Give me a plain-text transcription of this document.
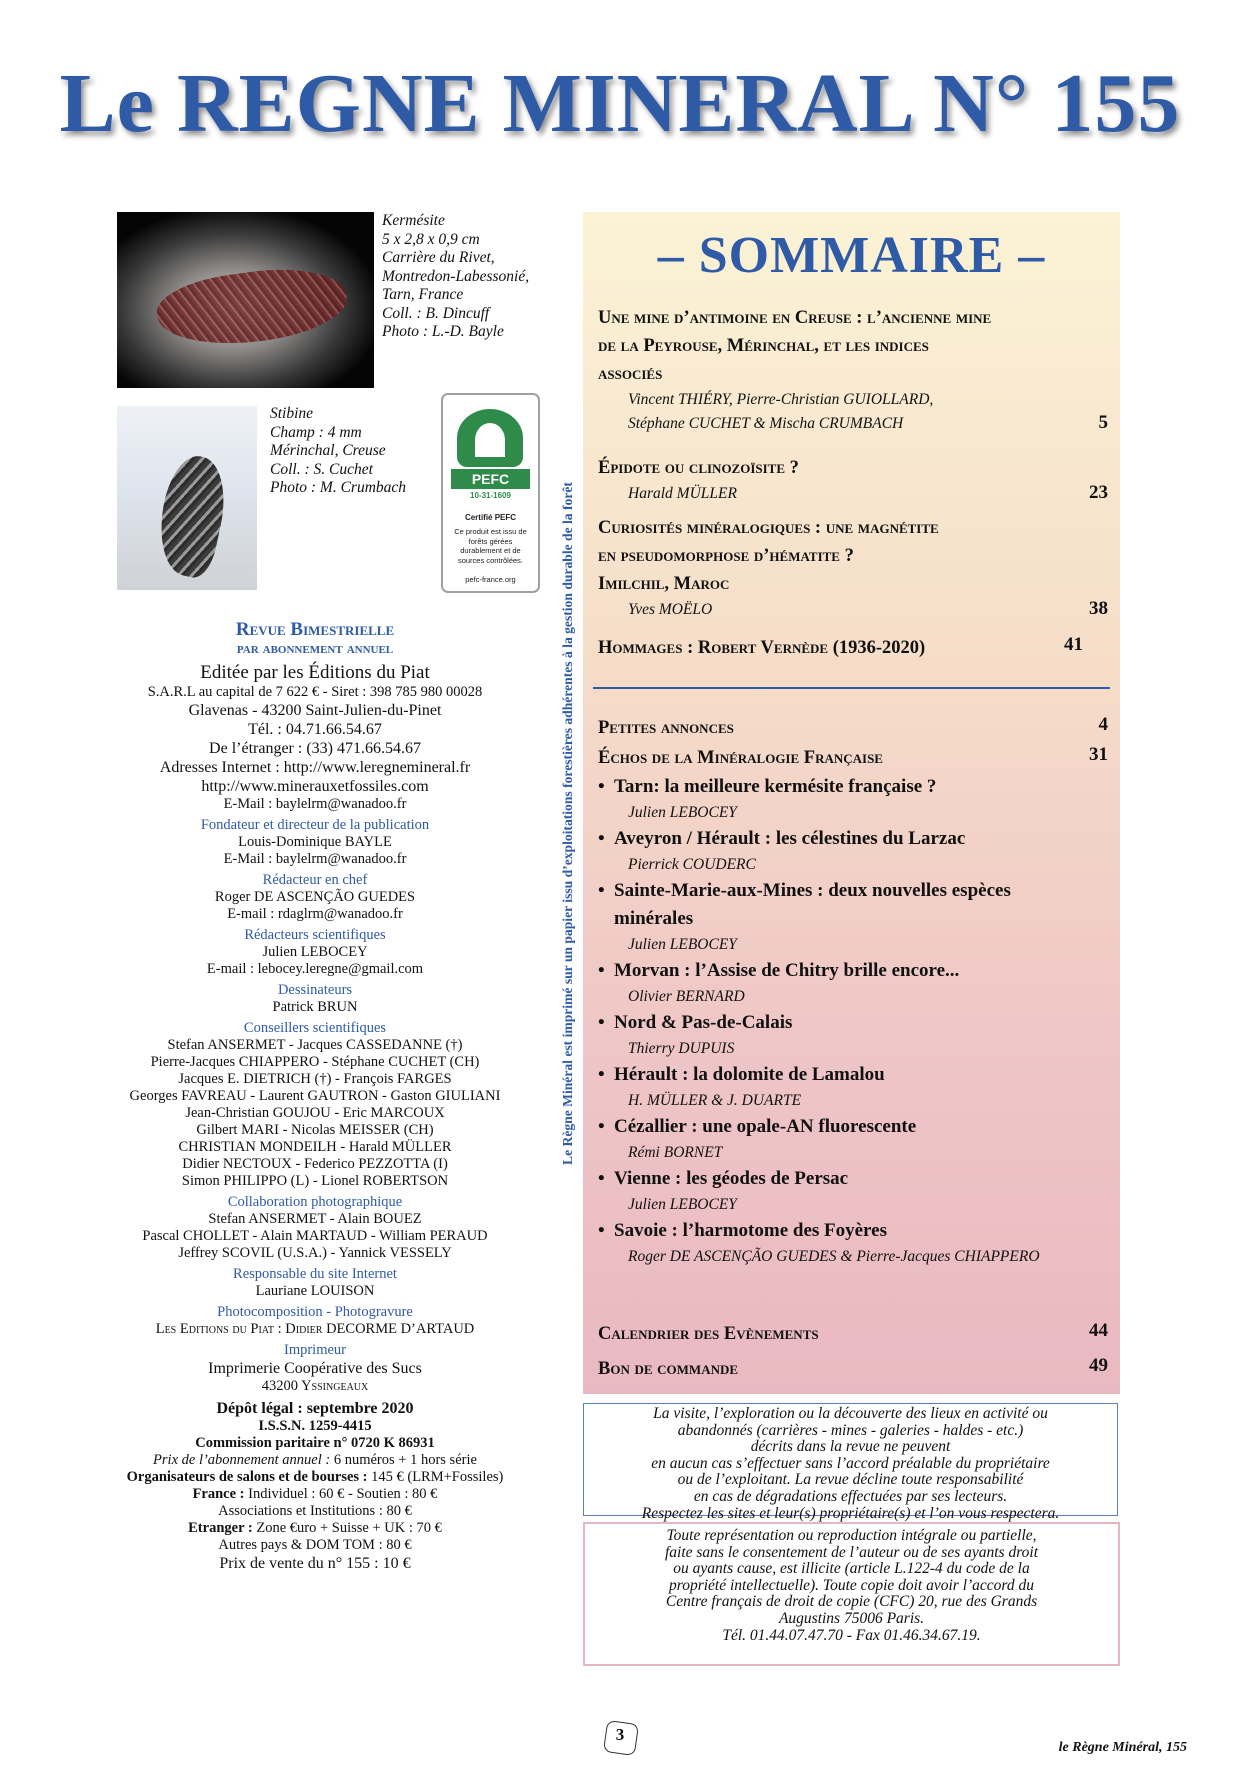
Le REGNE MINERAL N° 155
Kermésite
5 x 2,8 x 0,9 cm
Carrière du Rivet,
Montredon-Labessonié,
Tarn, France
Coll. : B. Dincuff
Photo : L.-D. Bayle
Stibine
Champ : 4 mm
Mérinchal, Creuse
Coll. : S. Cuchet
Photo : M. Crumbach	PEFC
10-31-1609
Certifié PEFC
Ce produit est issu de forêts gérées durablement et de sources contrôlées.
pefc-france.org	Le Règne Minéral est imprimé sur un papier issu d’exploitations forestières adhérentes à la gestion durable de la forêt
Revue Bimestrielle
par abonnement annuel
Editée par les Éditions du Piat
S.A.R.L au capital de 7 622 € - Siret : 398 785 980 00028
Glavenas - 43200 Saint-Julien-du-Pinet
Tél. : 04.71.66.54.67
De l’étranger : (33) 471.66.54.67
Adresses Internet : http://www.leregnemineral.fr
http://www.minerauxetfossiles.com
E-Mail : baylelrm@wanadoo.fr
Fondateur et directeur de la publication
Louis-Dominique BAYLE
E-Mail : baylelrm@wanadoo.fr
Rédacteur en chef
Roger DE ASCENÇÃO GUEDES
E-mail : rdaglrm@wanadoo.fr
Rédacteurs scientifiques
Julien LEBOCEY
E-mail : lebocey.leregne@gmail.com
Dessinateurs
Patrick BRUN
Conseillers scientifiques
Stefan ANSERMET - Jacques CASSEDANNE (†)
Pierre-Jacques CHIAPPERO - Stéphane CUCHET (CH)
Jacques E. DIETRICH (†) - François FARGES
Georges FAVREAU - Laurent GAUTRON - Gaston GIULIANI
Jean-Christian GOUJOU - Eric MARCOUX
Gilbert MARI - Nicolas MEISSER (CH)
CHRISTIAN MONDEILH - Harald MÜLLER
Didier NECTOUX - Federico PEZZOTTA (I)
Simon PHILIPPO (L) - Lionel ROBERTSON
Collaboration photographique
Stefan ANSERMET - Alain BOUEZ
Pascal CHOLLET - Alain MARTAUD - William PERAUD
Jeffrey SCOVIL (U.S.A.) - Yannick VESSELY
Responsable du site Internet
Lauriane LOUISON
Photocomposition - Photogravure
Les Editions du Piat : Didier DECORME D’ARTAUD
Imprimeur
Imprimerie Coopérative des Sucs
43200 Yssingeaux
Dépôt légal : septembre 2020
I.S.S.N. 1259-4415
Commission paritaire n° 0720 K 86931
Prix de l’abonnement annuel : 6 numéros + 1 hors série
Organisateurs de salons et de bourses : 145 € (LRM+Fossiles)
France : Individuel : 60 € - Soutien : 80 €
Associations et Institutions : 80 €
Etranger : Zone €uro + Suisse + UK : 70 €
Autres pays & DOM TOM : 80 €
Prix de vente du n° 155 : 10 €
– SOMMAIRE –
Une mine d’antimoine en Creuse : l’ancienne mine
de la Peyrouse, Mérinchal, et les indices
associés
Vincent THIÉRY, Pierre-Christian GUIOLLARD,
Stéphane CUCHET & Mischa CRUMBACH	5
Épidote ou clinozoïsite ?
Harald MÜLLER	23
Curiosités minéralogiques : une magnétite
en pseudomorphose d’hématite ?
Imilchil, Maroc
Yves MOËLO	38
Hommages : Robert Vernède (1936-2020)	41
Petites annonces	4
Échos de la Minéralogie Française	31
• Tarn: la meilleure kermésite française ?
Julien LEBOCEY
• Aveyron / Hérault : les célestines du Larzac
Pierrick COUDERC
• Sainte-Marie-aux-Mines : deux nouvelles espèces
minérales
Julien LEBOCEY
• Morvan : l’Assise de Chitry brille encore...
Olivier BERNARD
• Nord & Pas-de-Calais
Thierry DUPUIS
• Hérault : la dolomite de Lamalou
H. MÜLLER & J. DUARTE
• Cézallier : une opale-AN fluorescente
Rémi BORNET
• Vienne : les géodes de Persac
Julien LEBOCEY
• Savoie : l’harmotome des Foyères
Roger DE ASCENÇÃO GUEDES & Pierre-Jacques CHIAPPERO
Calendrier des Evènements	44
Bon de commande	49
La visite, l’exploration ou la découverte des lieux en activité ou
abandonnés (carrières - mines - galeries - haldes - etc.)
décrits dans la revue ne peuvent
en aucun cas s’effectuer sans l’accord préalable du propriétaire
ou de l’exploitant. La revue décline toute responsabilité
en cas de dégradations effectuées par ses lecteurs.
Respectez les sites et leur(s) propriétaire(s) et l’on vous respectera.
Toute représentation ou reproduction intégrale ou partielle,
faite sans le consentement de l’auteur ou de ses ayants droit
ou ayants cause, est illicite (article L.122-4 du code de la
propriété intellectuelle). Toute copie doit avoir l’accord du
Centre français de droit de copie (CFC) 20, rue des Grands
Augustins 75006 Paris.
Tél. 01.44.07.47.70 - Fax 01.46.34.67.19.
3
le Règne Minéral, 155
